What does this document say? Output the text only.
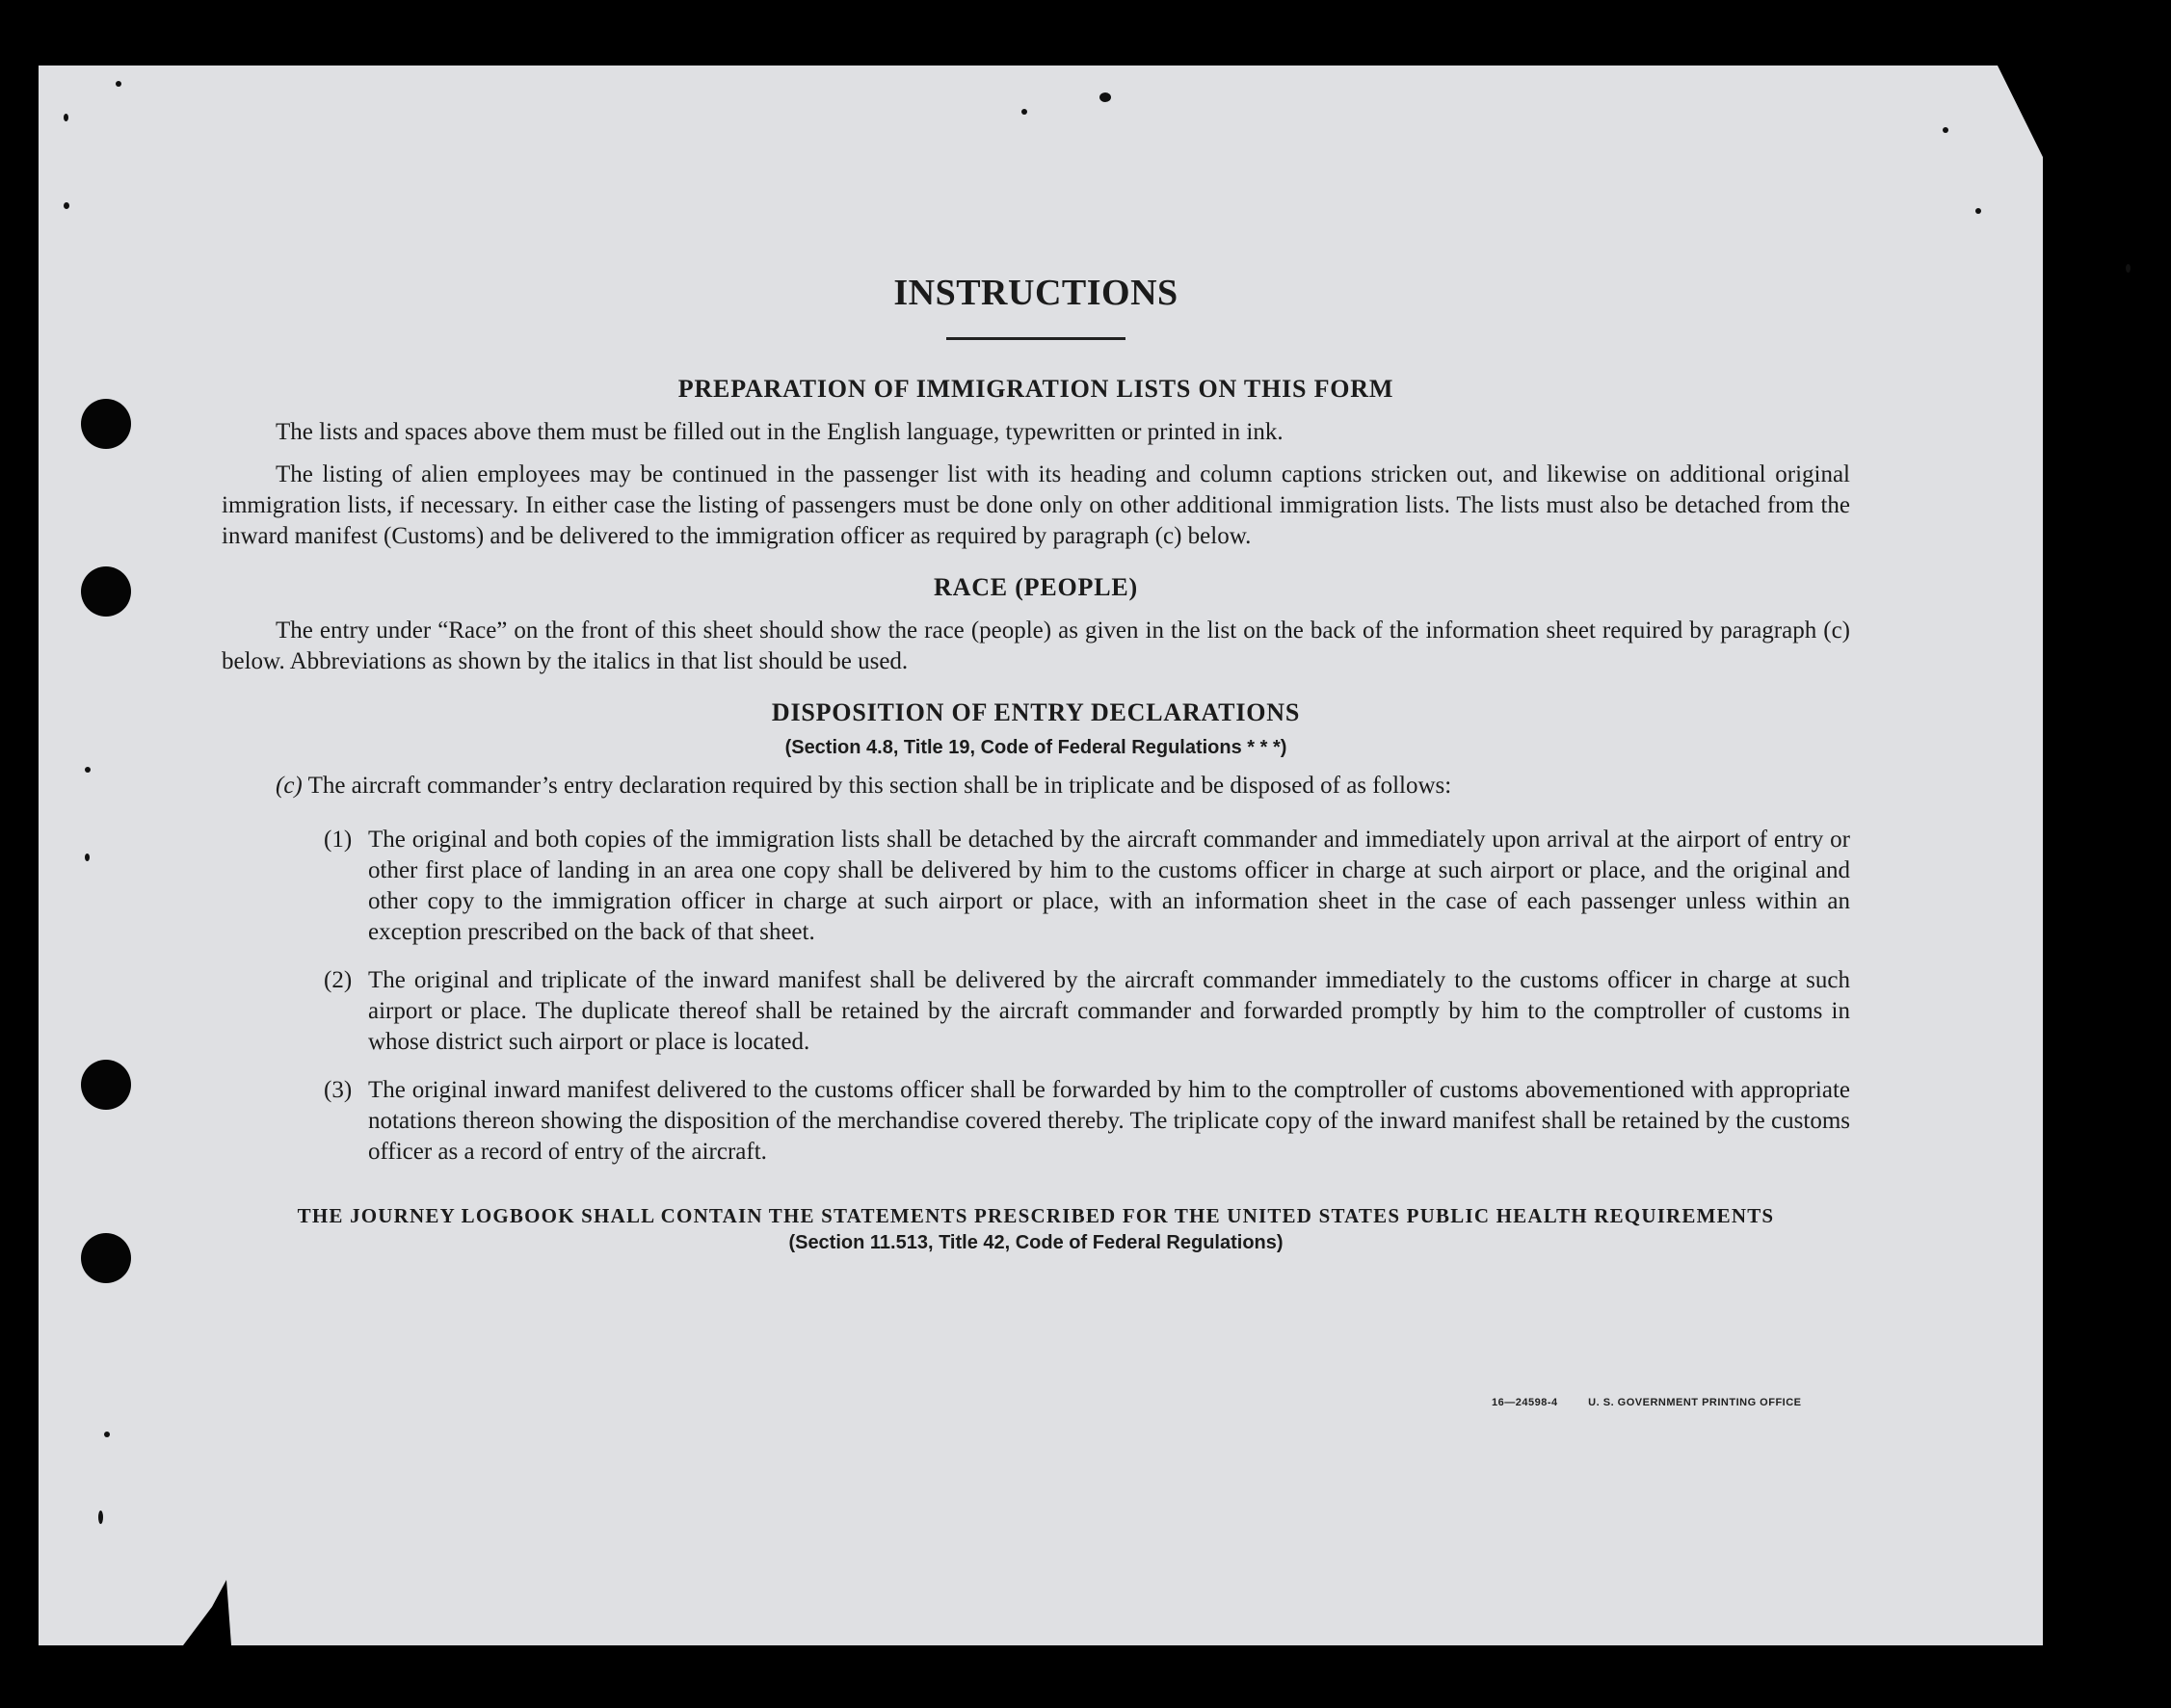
INSTRUCTIONS
PREPARATION OF IMMIGRATION LISTS ON THIS FORM

The lists and spaces above them must be filled out in the English language, typewritten or printed in ink.

The listing of alien employees may be continued in the passenger list with its heading and column captions stricken out, and likewise on additional original immigration lists, if necessary. In either case the listing of passengers must be done only on other additional immigration lists. The lists must also be detached from the inward manifest (Customs) and be delivered to the immigration officer as required by paragraph (c) below.

RACE (PEOPLE)

The entry under “Race” on the front of this sheet should show the race (people) as given in the list on the back of the information sheet required by paragraph (c) below. Abbreviations as shown by the italics in that list should be used.

DISPOSITION OF ENTRY DECLARATIONS
(Section 4.8, Title 19, Code of Federal Regulations * * *)

(c) The aircraft commander’s entry declaration required by this section shall be in triplicate and be disposed of as follows:

(1) The original and both copies of the immigration lists shall be detached by the aircraft commander and immediately upon arrival at the airport of entry or other first place of landing in an area one copy shall be delivered by him to the customs officer in charge at such airport or place, and the original and other copy to the immigration officer in charge at such airport or place, with an information sheet in the case of each passenger unless within an exception prescribed on the back of that sheet.

(2) The original and triplicate of the inward manifest shall be delivered by the aircraft commander immediately to the customs officer in charge at such airport or place. The duplicate thereof shall be retained by the aircraft commander and forwarded promptly by him to the comptroller of customs in whose district such airport or place is located.

(3) The original inward manifest delivered to the customs officer shall be forwarded by him to the comptroller of customs abovementioned with appropriate notations thereon showing the disposition of the merchandise covered thereby. The triplicate copy of the inward manifest shall be retained by the customs officer as a record of entry of the aircraft.

THE JOURNEY LOGBOOK SHALL CONTAIN THE STATEMENTS PRESCRIBED FOR THE UNITED STATES PUBLIC HEALTH REQUIREMENTS
(Section 11.513, Title 42, Code of Federal Regulations)
16—24598-4	U. S. GOVERNMENT PRINTING OFFICE
